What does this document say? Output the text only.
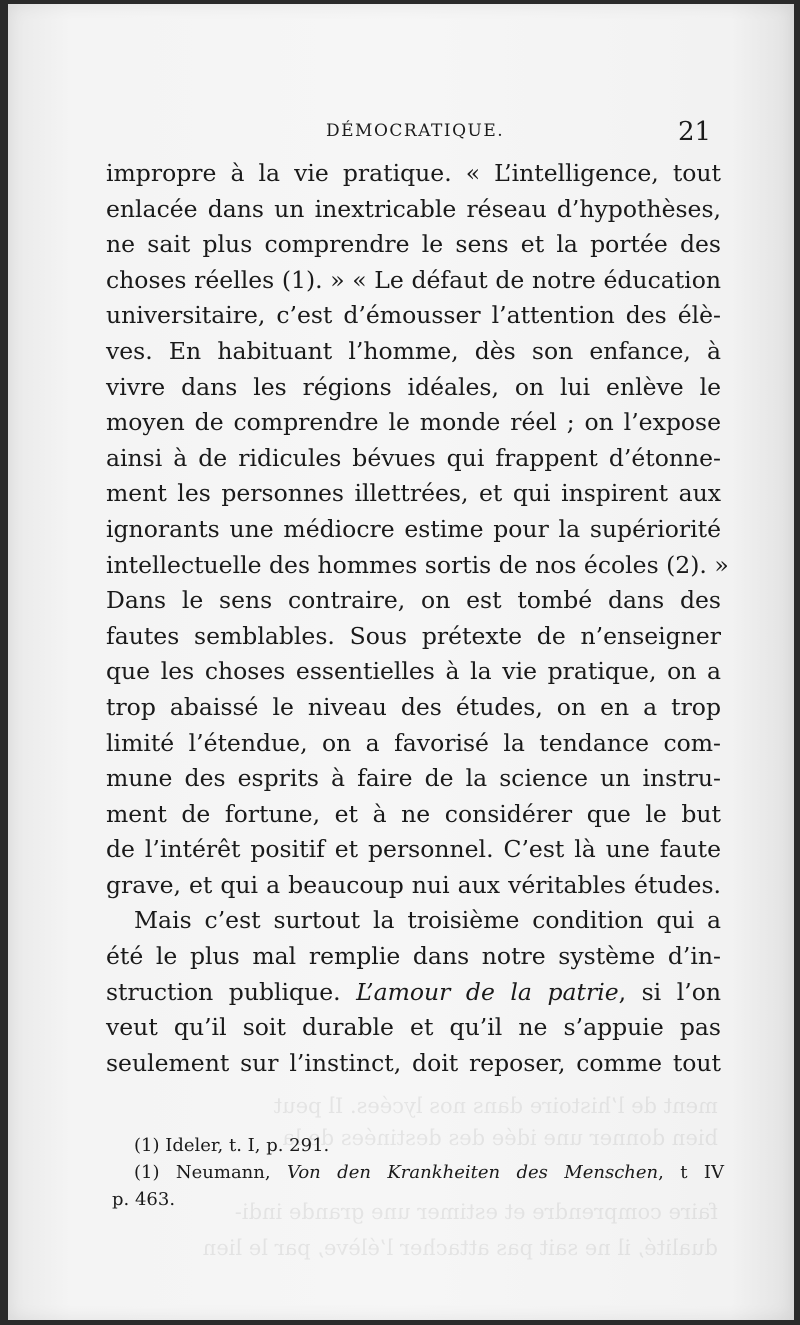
DÉMOCRATIQUE.	21
ment de l’histoire dans nos lycées. Il peut
bien donner une idée des destinées de la
faire comprendre et estimer une grande indi-
dualité, il ne sait pas attacher l’élève, par le lien
impropre à la vie pratique. « L’intelligence, tout
enlacée dans un inextricable réseau d’hypothèses,
ne sait plus comprendre le sens et la portée des
choses réelles (1). » « Le défaut de notre éducation
universitaire, c’est d’émousser l’attention des élè-
ves. En habituant l’homme, dès son enfance, à
vivre dans les régions idéales, on lui enlève le
moyen de comprendre le monde réel ; on l’expose
ainsi à de ridicules bévues qui frappent d’étonne-
ment les personnes illettrées, et qui inspirent aux
ignorants une médiocre estime pour la supériorité
intellectuelle des hommes sortis de nos écoles (2). »
Dans le sens contraire, on est tombé dans des
fautes semblables. Sous prétexte de n’enseigner
que les choses essentielles à la vie pratique, on a
trop abaissé le niveau des études, on en a trop
limité l’étendue, on a favorisé la tendance com-
mune des esprits à faire de la science un instru-
ment de fortune, et à ne considérer que le but
de l’intérêt positif et personnel. C’est là une faute
grave, et qui a beaucoup nui aux véritables études.
Mais c’est surtout la troisième condition qui a
été le plus mal remplie dans notre système d’in-
struction publique. L’amour de la patrie, si l’on
veut qu’il soit durable et qu’il ne s’appuie pas
seulement sur l’instinct, doit reposer, comme tout
(1) Ideler, t. I, p. 291.
(1) Neumann, Von den Krankheiten des Menschen, t IV
p. 463.
